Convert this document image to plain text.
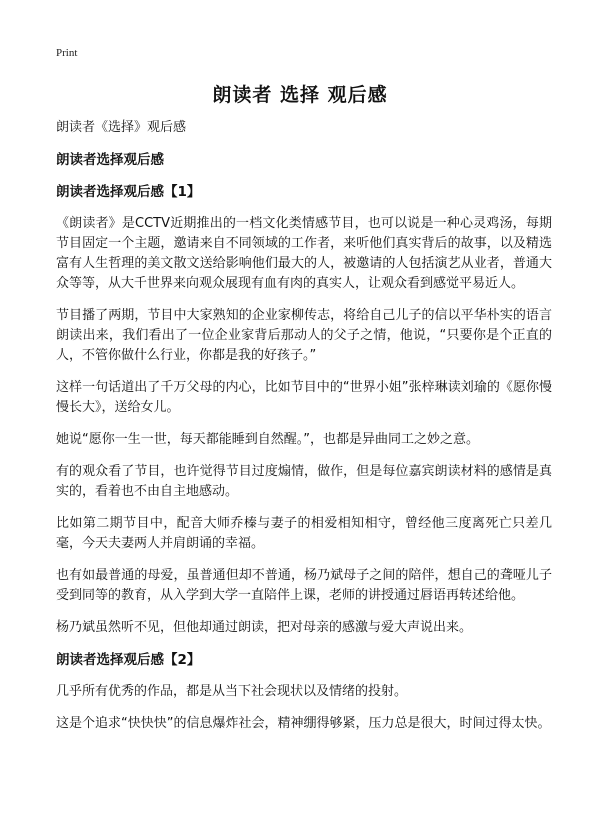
Print
朗读者 选择 观后感

朗读者《选择》观后感

朗读者选择观后感

朗读者选择观后感【1】

《朗读者》是CCTV近期推出的一档文化类情感节目，也可以说是一种心灵鸡汤，每期节目固定一个主题，邀请来自不同领域的工作者，来听他们真实背后的故事，以及精选富有人生哲理的美文散文送给影响他们最大的人，被邀请的人包括演艺从业者，普通大众等等，从大千世界来向观众展现有血有肉的真实人，让观众看到感觉平易近人。

节目播了两期，节目中大家熟知的企业家柳传志，将给自己儿子的信以平华朴实的语言朗读出来，我们看出了一位企业家背后那动人的父子之情，他说，“只要你是个正直的人，不管你做什么行业，你都是我的好孩子。”

这样一句话道出了千万父母的内心，比如节目中的“世界小姐”张梓琳读刘瑜的《愿你慢慢长大》，送给女儿。

她说“愿你一生一世，每天都能睡到自然醒。”，也都是异曲同工之妙之意。

有的观众看了节目，也许觉得节目过度煽情，做作，但是每位嘉宾朗读材料的感情是真实的，看着也不由自主地感动。

比如第二期节目中，配音大师乔榛与妻子的相爱相知相守，曾经他三度离死亡只差几毫，今天夫妻两人并肩朗诵的幸福。

也有如最普通的母爱，虽普通但却不普通，杨乃斌母子之间的陪伴，想自己的聋哑儿子受到同等的教育，从入学到大学一直陪伴上课，老师的讲授通过唇语再转述给他。

杨乃斌虽然听不见，但他却通过朗读，把对母亲的感激与爱大声说出来。

朗读者选择观后感【2】

几乎所有优秀的作品，都是从当下社会现状以及情绪的投射。

这是个追求“快快快”的信息爆炸社会，精神绷得够紧，压力总是很大，时间过得太快。
